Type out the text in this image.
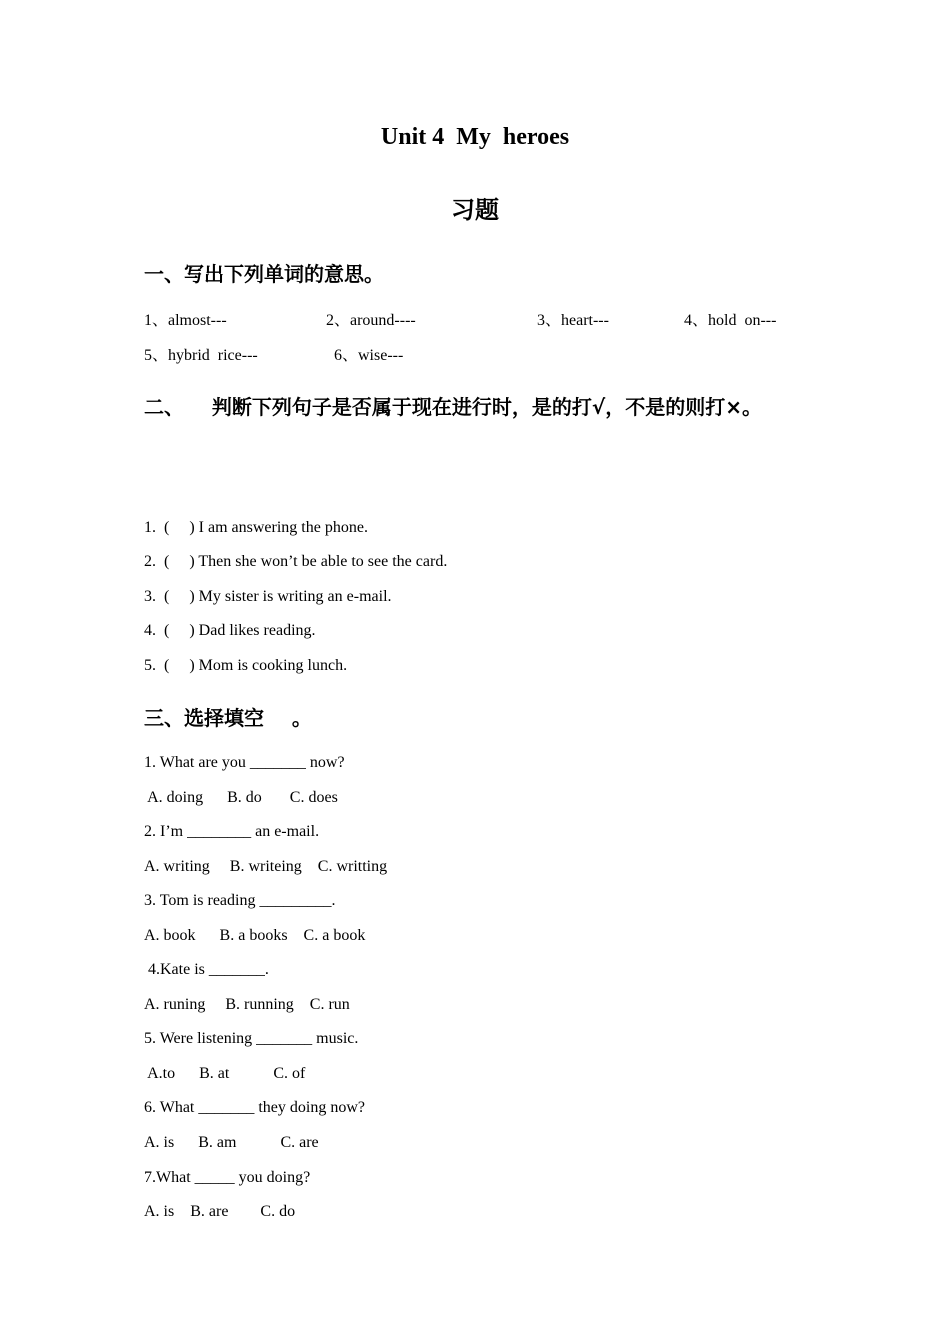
Unit 4  My  heroes
习题
一、写出下列单词的意思。
1、almost---	2、around----	3、heart---	4、hold  on---
5、hybrid  rice---	6、wise---
二、    判断下列句子是否属于现在进行时，是的打√，不是的则打×。
1.  (     ) I am answering the phone.
2.  (     ) Then she won’t be able to see the card.
3.  (     ) My sister is writing an e-mail.
4.  (     ) Dad likes reading.
5.  (     ) Mom is cooking lunch.
三、选择填空    。
1. What are you _______ now?
A. doing      B. do       C. does
2. I’m ________ an e-mail.
A. writing     B. writeing    C. writting
3. Tom is reading _________.
A. book      B. a books    C. a book
4.Kate is _______.
A. runing     B. running    C. run
5. Were listening _______ music.
A.to      B. at           C. of
6. What _______ they doing now?
A. is      B. am           C. are
7.What _____ you doing?
A. is    B. are        C. do
